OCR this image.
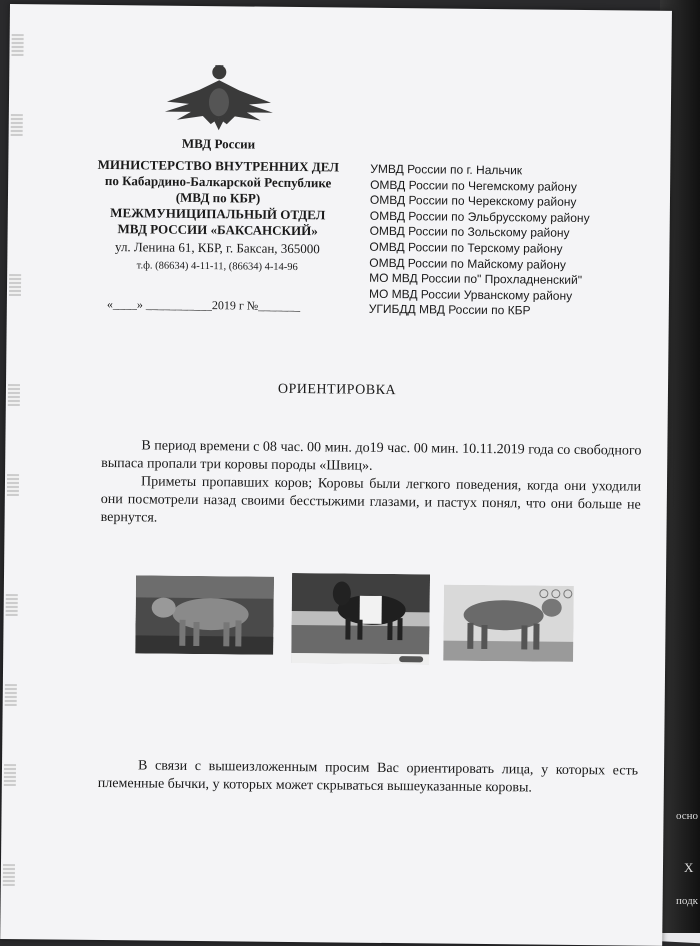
осно
Х
подк
МВД России
МИНИСТЕРСТВО ВНУТРЕННИХ ДЕЛ
по Кабардино-Балкарской Республике
(МВД по КБР)
МЕЖМУНИЦИПАЛЬНЫЙ ОТДЕЛ
МВД РОССИИ «БАКСАНСКИЙ»
ул. Ленина 61, КБР, г. Баксан, 365000
т.ф. (86634) 4-11-11, (86634) 4-14-96
УМВД России по г. Нальчик
ОМВД России по Чегемскому району
ОМВД России по Черекскому району
ОМВД России по Эльбрусскому району
ОМВД России по Зольскому району
ОМВД России по Терскому району
ОМВД России по Майскому району
МО МВД России по" Прохладненский"
МО МВД России Урванскому району
УГИБДД МВД России по КБР
«____» ___________2019 г №_______
ОРИЕНТИРОВКА

В период времени с 08 час. 00 мин. до19 час. 00 мин. 10.11.2019 года со свободного выпаса пропали три коровы породы «Швиц».

Приметы пропавших коров; Коровы были легкого поведения, когда они уходили они посмотрели назад своими бесстыжими глазами, и пастух понял, что они больше не вернутся.

В связи с вышеизложенным просим Вас ориентировать лица, у которых есть племенные бычки, у которых может скрываться вышеуказанные коровы.
